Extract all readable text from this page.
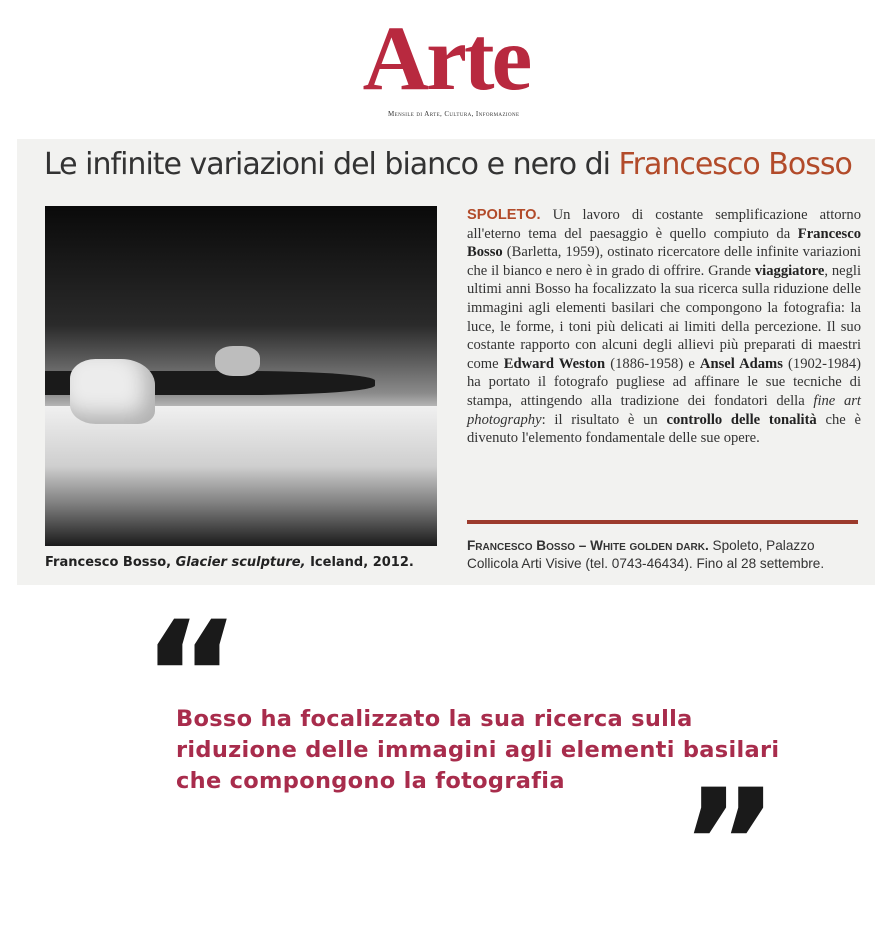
Arte
Mensile di Arte, Cultura, Informazione
Le infinite variazioni del bianco e nero di Francesco Bosso
Francesco Bosso, Glacier sculpture, Iceland, 2012.
SPOLETO. Un lavoro di costante semplificazione attorno all'eterno tema del paesaggio è quello compiuto da Francesco Bosso (Barletta, 1959), ostinato ricercatore delle infinite variazioni che il bianco e nero è in grado di offrire. Grande viaggiatore, negli ultimi anni Bosso ha focalizzato la sua ricerca sulla riduzione delle immagini agli elementi basilari che compongono la fotografia: la luce, le forme, i toni più delicati ai limiti della percezione. Il suo costante rapporto con alcuni degli allievi più preparati di maestri come Edward Weston (1886-1958) e Ansel Adams (1902-1984) ha portato il fotografo pugliese ad affinare le sue tecniche di stampa, attingendo alla tradizione dei fondatori della fine art photography: il risultato è un controllo delle tonalità che è divenuto l'elemento fondamentale delle sue opere.
Francesco Bosso – White golden dark. Spoleto, Palazzo Collicola Arti Visive (tel. 0743-46434). Fino al 28 settembre.
“
Bosso ha focalizzato la sua ricerca sulla riduzione delle immagini agli elementi basilari che compongono la fotografia ”
